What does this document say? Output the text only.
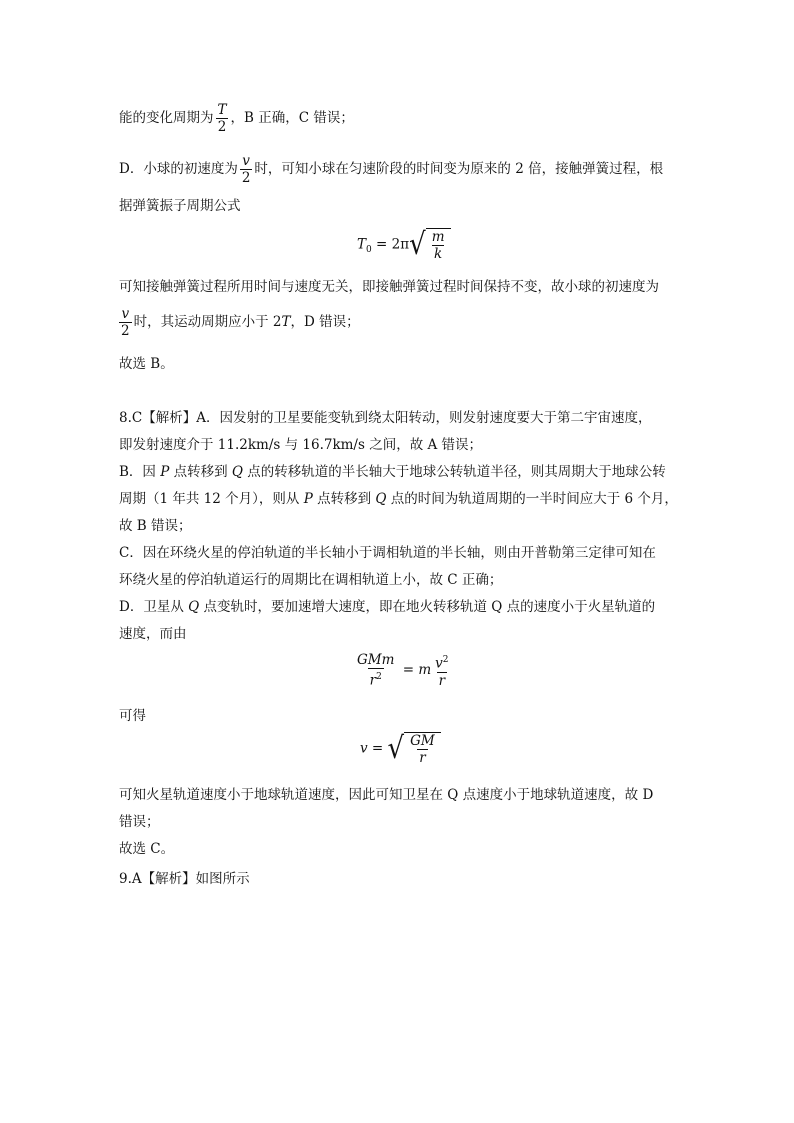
能的变化周期为 $\frac{T}{2}$ ，B 正确，C 错误；
D．小球的初速度为 $\frac{v}{2}$ 时，可知小球在匀速阶段的时间变为原来的 2 倍，接触弹簧过程，根
据弹簧振子周期公式
$T_0 = 2\pi$ √ $\frac{m}{k}$
可知接触弹簧过程所用时间与速度无关，即接触弹簧过程时间保持不变，故小球的初速度为
$\frac{v}{2}$ 时，其运动周期应小于 2T，D 错误；
故选 B。
8.C【解析】A．因发射的卫星要能变轨到绕太阳转动，则发射速度要大于第二宇宙速度，
即发射速度介于 11.2km/s 与 16.7km/s 之间，故 A 错误；
B．因 P 点转移到 Q 点的转移轨道的半长轴大于地球公转轨道半径，则其周期大于地球公转
周期（1 年共 12 个月），则从 P 点转移到 Q 点的时间为轨道周期的一半时间应大于 6 个月，
故 B 错误；
C．因在环绕火星的停泊轨道的半长轴小于调相轨道的半长轴，则由开普勒第三定律可知在
环绕火星的停泊轨道运行的周期比在调相轨道上小，故 C 正确；
D．卫星从 Q 点变轨时，要加速增大速度，即在地火转移轨道 Q 点的速度小于火星轨道的
速度，而由
$\frac{\text{GMm}}{r^2} = m \frac{v^2}{r}$
可得
v = √ $\frac{GM}{r}$
可知火星轨道速度小于地球轨道速度，因此可知卫星在 Q 点速度小于地球轨道速度，故 D
错误；
故选 C。
9.A【解析】如图所示
